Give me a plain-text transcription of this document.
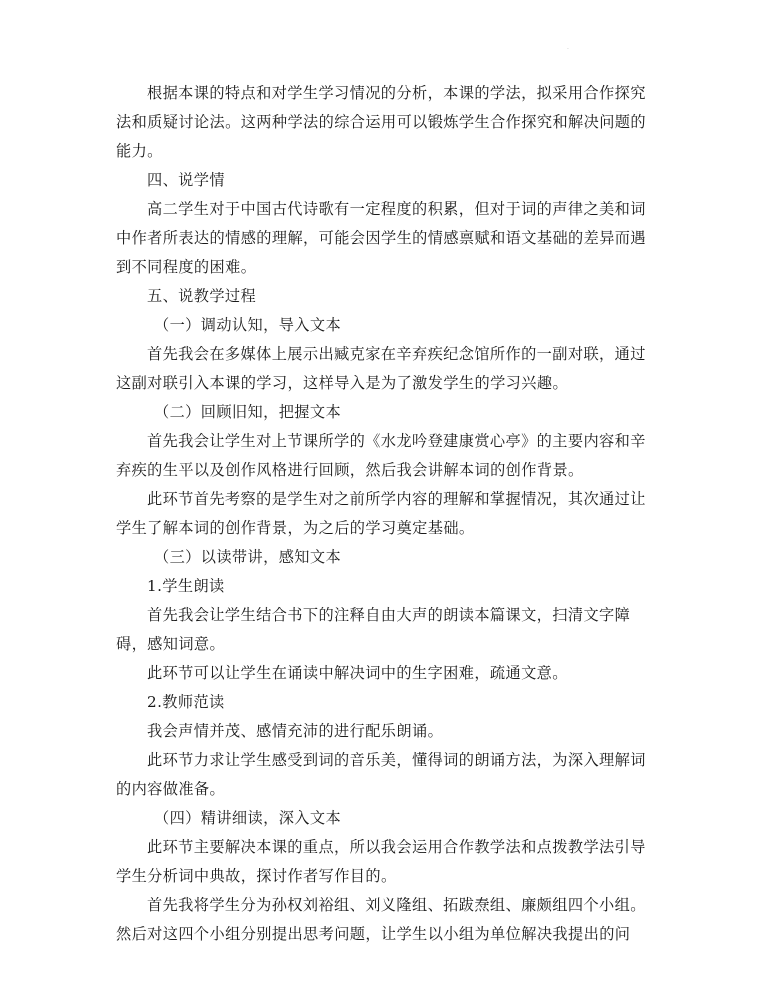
.
根据本课的特点和对学生学习情况的分析，本课的学法，拟采用合作探究
法和质疑讨论法。这两种学法的综合运用可以锻炼学生合作探究和解决问题的
能力。
四、说学情
高二学生对于中国古代诗歌有一定程度的积累，但对于词的声律之美和词
中作者所表达的情感的理解，可能会因学生的情感禀赋和语文基础的差异而遇
到不同程度的困难。
五、说教学过程
（一）调动认知，导入文本
首先我会在多媒体上展示出臧克家在辛弃疾纪念馆所作的一副对联，通过
这副对联引入本课的学习，这样导入是为了激发学生的学习兴趣。
（二）回顾旧知，把握文本
首先我会让学生对上节课所学的《水龙吟登建康赏心亭》的主要内容和辛
弃疾的生平以及创作风格进行回顾，然后我会讲解本词的创作背景。
此环节首先考察的是学生对之前所学内容的理解和掌握情况，其次通过让
学生了解本词的创作背景，为之后的学习奠定基础。
（三）以读带讲，感知文本
1.学生朗读
首先我会让学生结合书下的注释自由大声的朗读本篇课文，扫清文字障
碍，感知词意。
此环节可以让学生在诵读中解决词中的生字困难，疏通文意。
2.教师范读
我会声情并茂、感情充沛的进行配乐朗诵。
此环节力求让学生感受到词的音乐美，懂得词的朗诵方法，为深入理解词
的内容做准备。
（四）精讲细读，深入文本
此环节主要解决本课的重点，所以我会运用合作教学法和点拨教学法引导
学生分析词中典故，探讨作者写作目的。
首先我将学生分为孙权刘裕组、刘义隆组、拓跋焘组、廉颇组四个小组。
然后对这四个小组分别提出思考问题，让学生以小组为单位解决我提出的问
